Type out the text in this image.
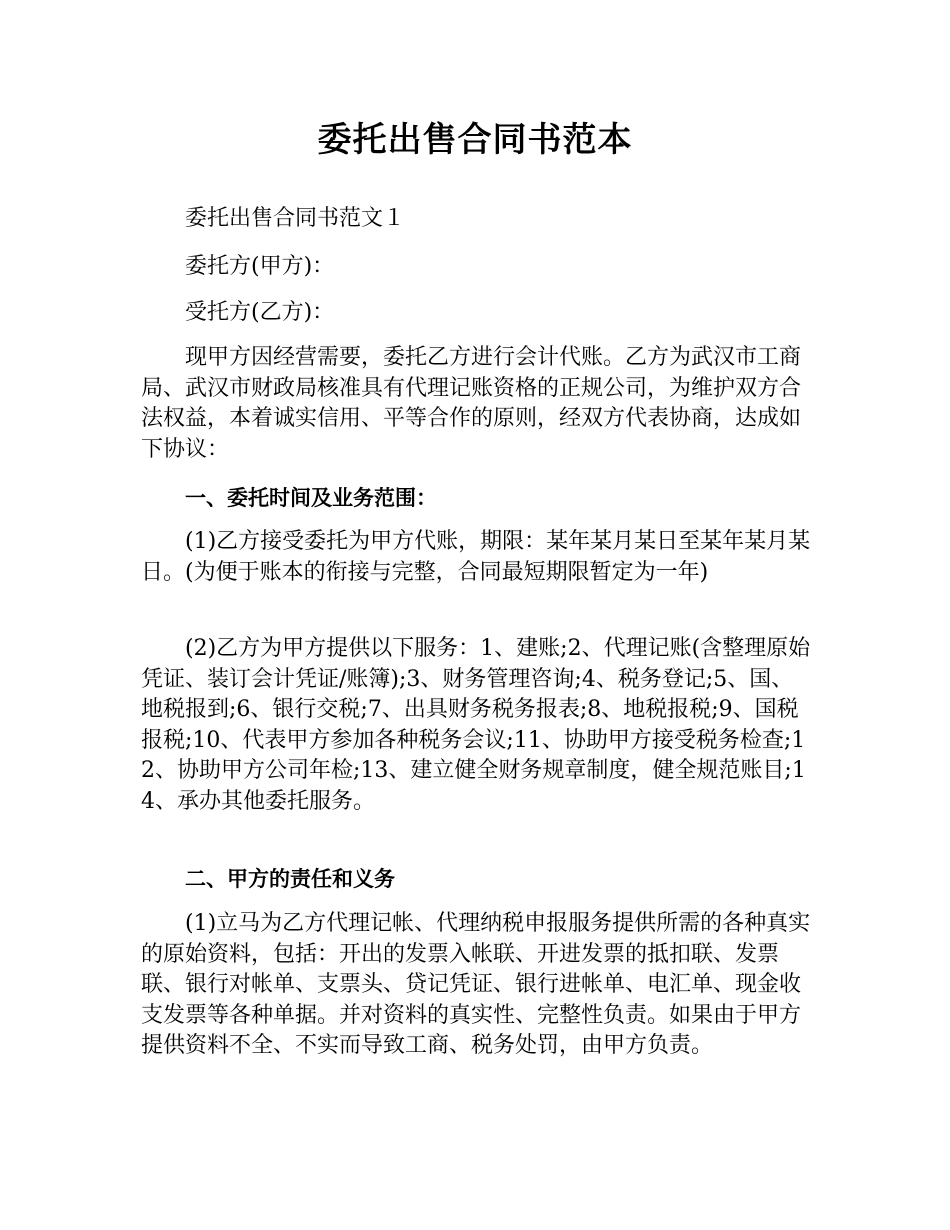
委托出售合同书范本

委托出售合同书范文１

委托方(甲方)：

受托方(乙方)：

现甲方因经营需要，委托乙方进行会计代账。乙方为武汉市工商局、武汉市财政局核准具有代理记账资格的正规公司，为维护双方合法权益，本着诚实信用、平等合作的原则，经双方代表协商，达成如下协议：

一、委托时间及业务范围：

(1)乙方接受委托为甲方代账，期限：某年某月某日至某年某月某日。(为便于账本的衔接与完整，合同最短期限暂定为一年)

(2)乙方为甲方提供以下服务：1、建账;2、代理记账(含整理原始凭证、装订会计凭证/账簿);3、财务管理咨询;4、税务登记;5、国、地税报到;6、银行交税;7、出具财务税务报表;8、地税报税;9、国税报税;10、代表甲方参加各种税务会议;11、协助甲方接受税务检查;12、协助甲方公司年检;13、建立健全财务规章制度，健全规范账目;14、承办其他委托服务。

二、甲方的责任和义务

(1)立马为乙方代理记帐、代理纳税申报服务提供所需的各种真实的原始资料，包括：开出的发票入帐联、开进发票的抵扣联、发票联、银行对帐单、支票头、贷记凭证、银行进帐单、电汇单、现金收支发票等各种单据。并对资料的真实性、完整性负责。如果由于甲方提供资料不全、不实而导致工商、税务处罚，由甲方负责。
